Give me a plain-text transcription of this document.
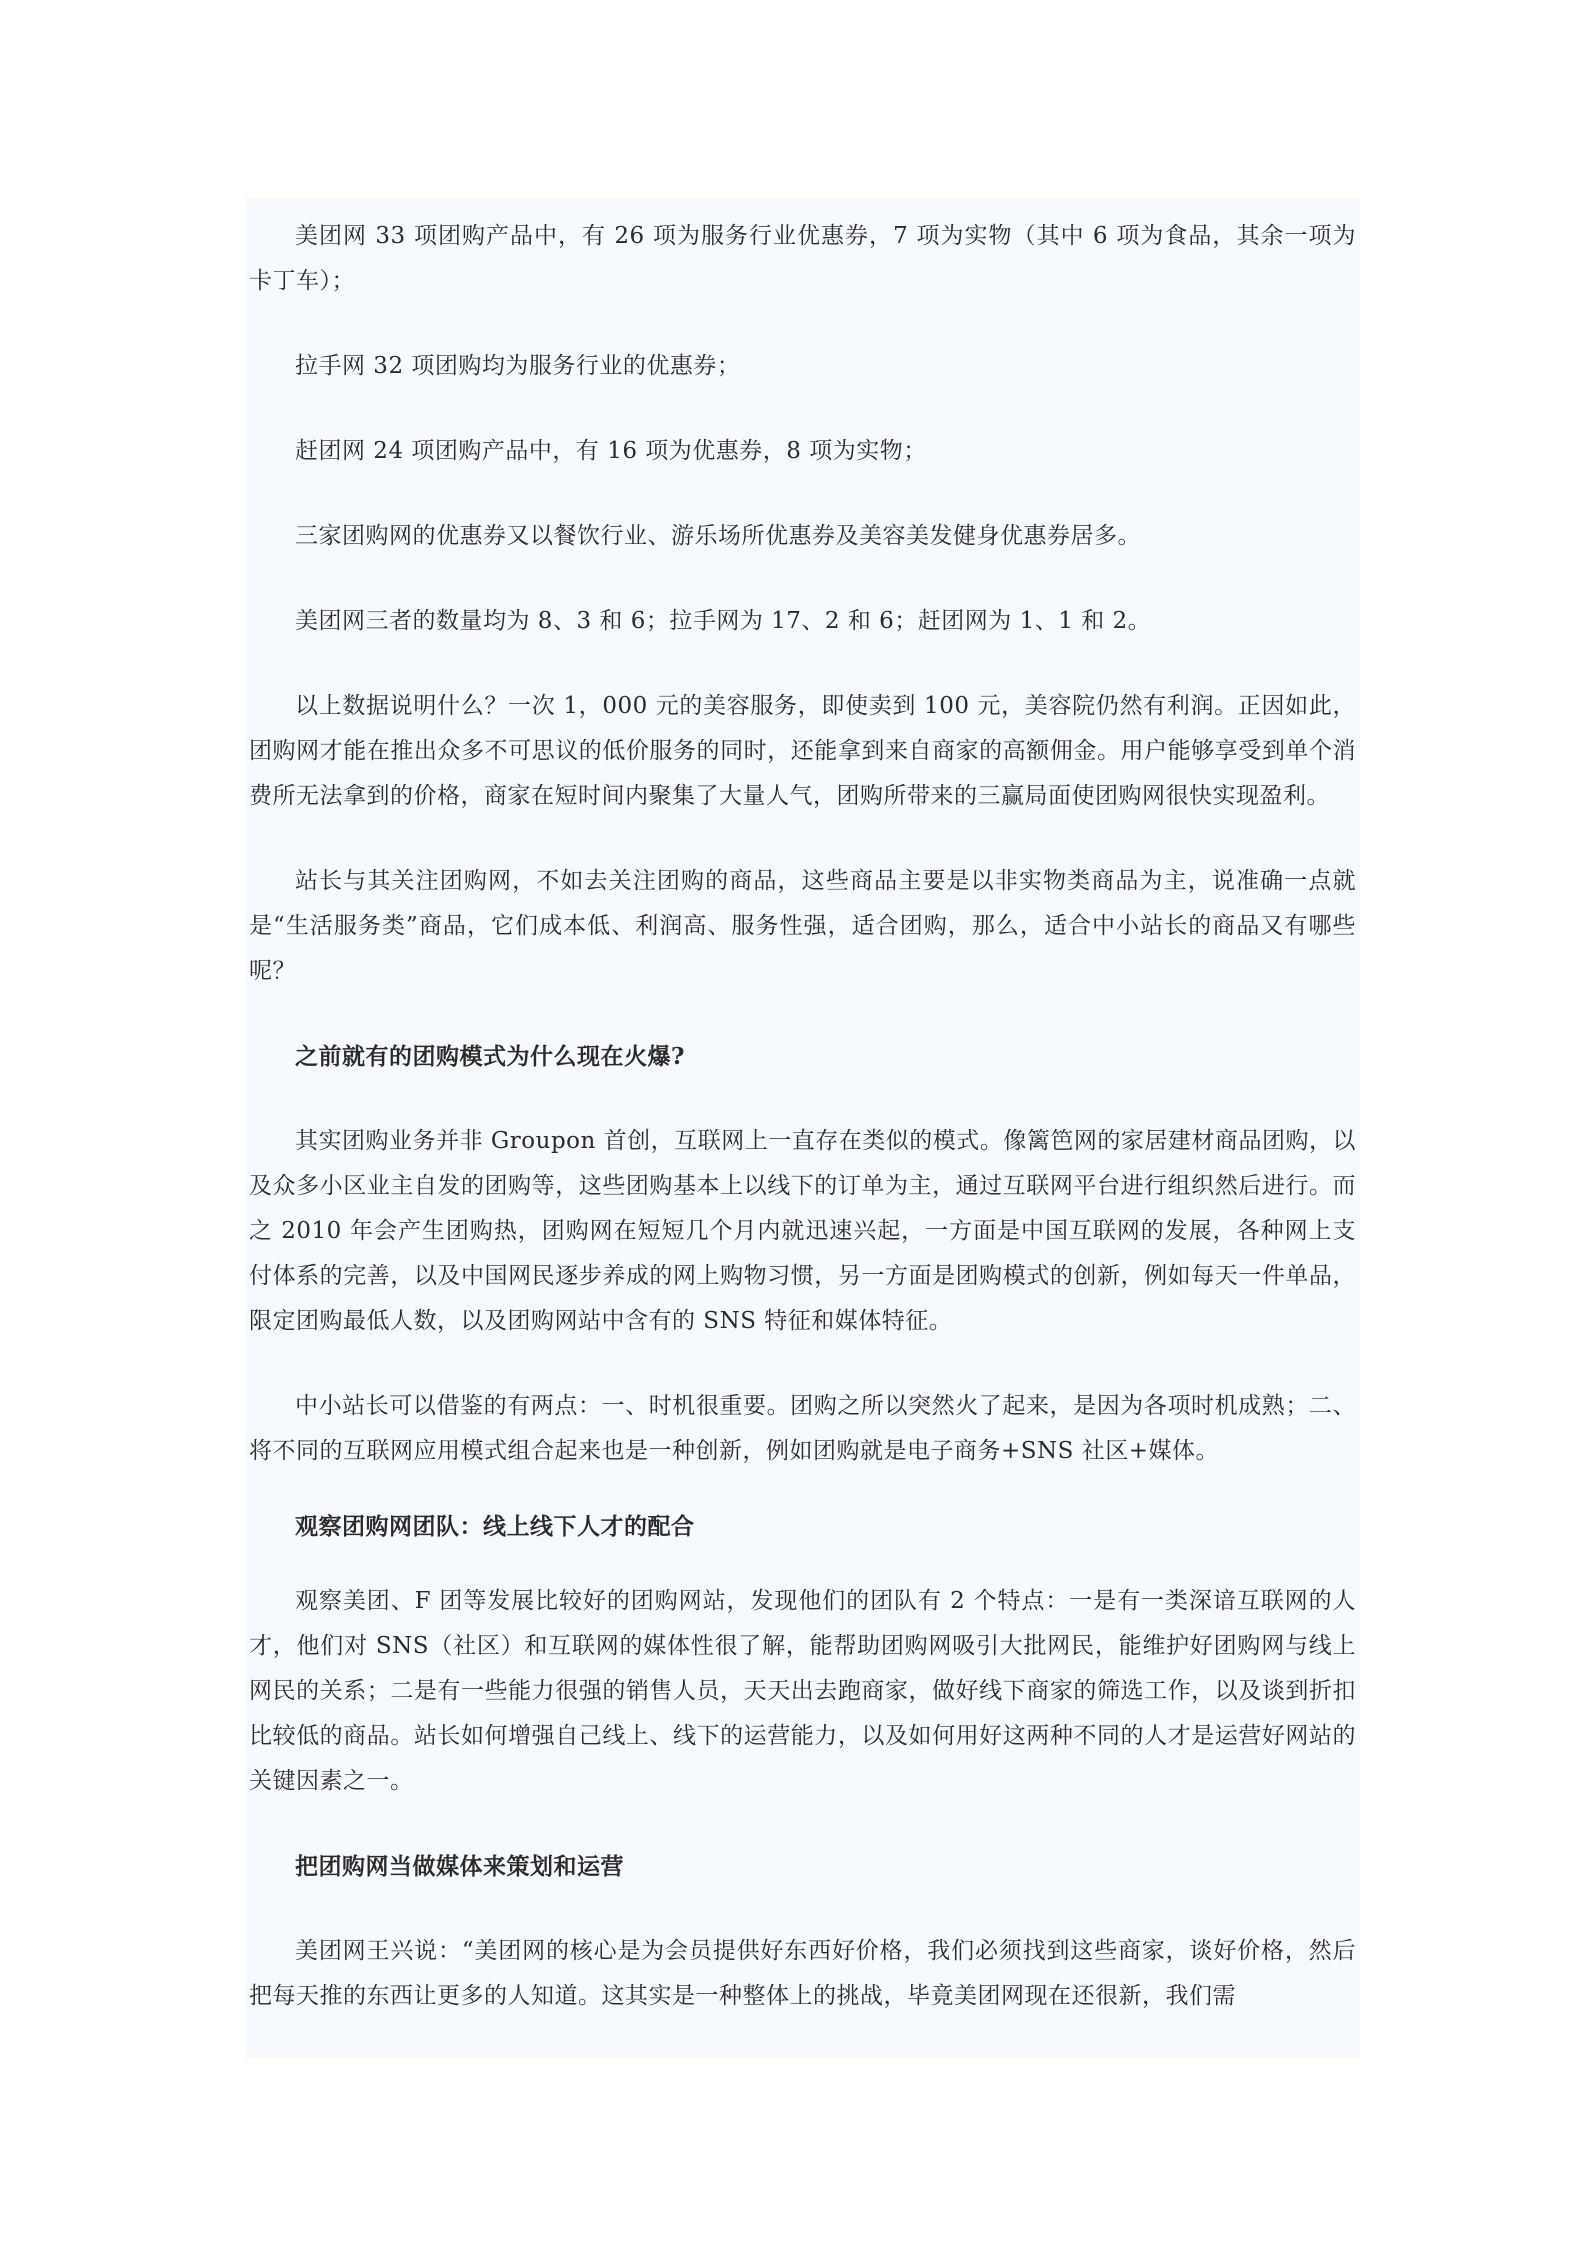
美团网 33 项团购产品中，有 26 项为服务行业优惠券，7 项为实物（其中 6 项为食品，其余一项为卡丁车）；

拉手网 32 项团购均为服务行业的优惠券；

赶团网 24 项团购产品中，有 16 项为优惠券，8 项为实物；

三家团购网的优惠券又以餐饮行业、游乐场所优惠券及美容美发健身优惠券居多。

美团网三者的数量均为 8、3 和 6；拉手网为 17、2 和 6；赶团网为 1、1 和 2。

以上数据说明什么？一次 1，000 元的美容服务，即使卖到 100 元，美容院仍然有利润。正因如此，团购网才能在推出众多不可思议的低价服务的同时，还能拿到来自商家的高额佣金。用户能够享受到单个消费所无法拿到的价格，商家在短时间内聚集了大量人气，团购所带来的三赢局面使团购网很快实现盈利。

站长与其关注团购网，不如去关注团购的商品，这些商品主要是以非实物类商品为主，说准确一点就是“生活服务类”商品，它们成本低、利润高、服务性强，适合团购，那么，适合中小站长的商品又有哪些呢？

之前就有的团购模式为什么现在火爆?

其实团购业务并非 Groupon 首创，互联网上一直存在类似的模式。像篱笆网的家居建材商品团购，以及众多小区业主自发的团购等，这些团购基本上以线下的订单为主，通过互联网平台进行组织然后进行。而之 2010 年会产生团购热，团购网在短短几个月内就迅速兴起，一方面是中国互联网的发展，各种网上支付体系的完善，以及中国网民逐步养成的网上购物习惯，另一方面是团购模式的创新，例如每天一件单品，限定团购最低人数，以及团购网站中含有的 SNS 特征和媒体特征。

中小站长可以借鉴的有两点：一、时机很重要。团购之所以突然火了起来，是因为各项时机成熟；二、将不同的互联网应用模式组合起来也是一种创新，例如团购就是电子商务+SNS 社区+媒体。

观察团购网团队：线上线下人才的配合

观察美团、F 团等发展比较好的团购网站，发现他们的团队有 2 个特点：一是有一类深谙互联网的人才，他们对 SNS（社区）和互联网的媒体性很了解，能帮助团购网吸引大批网民，能维护好团购网与线上网民的关系；二是有一些能力很强的销售人员，天天出去跑商家，做好线下商家的筛选工作，以及谈到折扣比较低的商品。站长如何增强自己线上、线下的运营能力，以及如何用好这两种不同的人才是运营好网站的关键因素之一。

把团购网当做媒体来策划和运营

美团网王兴说：“美团网的核心是为会员提供好东西好价格，我们必须找到这些商家，谈好价格，然后把每天推的东西让更多的人知道。这其实是一种整体上的挑战，毕竟美团网现在还很新，我们需
